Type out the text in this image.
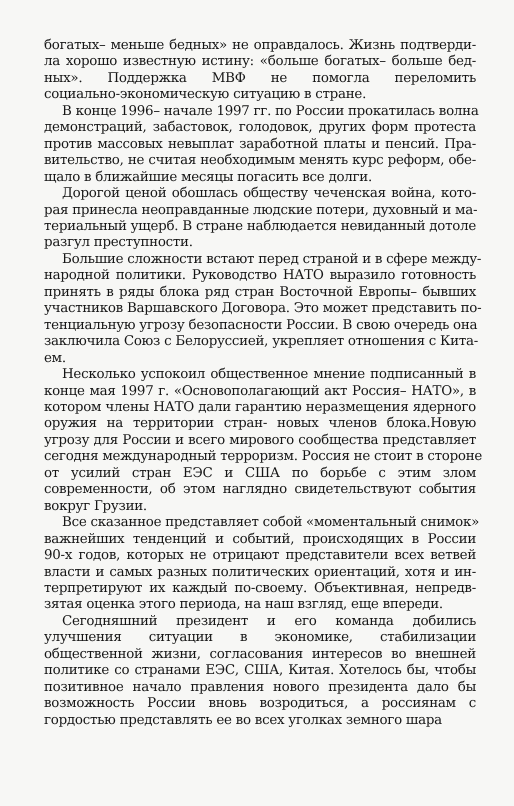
богатых– меньше бедных» не оправдалось. Жизнь подтверди-
ла хорошо известную истину: «больше богатых– больше бед-
ных». Поддержка МВФ не помогла переломить
социально-экономическую ситуацию в стране.
В конце 1996– начале 1997 гг. по России прокатилась волна
демонстраций, забастовок, голодовок, других форм протеста
против массовых невыплат заработной платы и пенсий. Пра-
вительство, не считая необходимым менять курс реформ, обе-
щало в ближайшие месяцы погасить все долги.
Дорогой ценой обошлась обществу чеченская война, кото-
рая принесла неоправданные людские потери, духовный и ма-
териальный ущерб. В стране наблюдается невиданный дотоле
разгул преступности.
Большие сложности встают перед страной и в сфере между-
народной политики. Руководство НАТО выразило готовность
принять в ряды блока ряд стран Восточной Европы– бывших
участников Варшавского Договора. Это может представить по-
тенциальную угрозу безопасности России. В свою очередь она
заключила Союз с Белоруссией, укрепляет отношения с Кита-
ем.
Несколько успокоил общественное мнение подписанный в
конце мая 1997 г. «Основополагающий акт Россия– НАТО», в
котором члены НАТО дали гарантию неразмещения ядерного
оружия на территории стран- новых членов блока.Новую
угрозу для России и всего мирового сообщества представляет
сегодня международный терроризм. Россия не стоит в стороне
от усилий стран ЕЭС и США по борьбе с этим злом
современности, об этом наглядно свидетельствуют события
вокруг Грузии.
Все сказанное представляет собой «моментальный снимок»
важнейших тенденций и событий, происходящих в России
90-х годов, которых не отрицают представители всех ветвей
власти и самых разных политических ориентаций, хотя и ин-
терпретируют их каждый по-своему. Объективная, непредв-
зятая оценка этого периода, на наш взгляд, еще впереди.
Сегодняшний президент и его команда добились
улучшения ситуации в экономике, стабилизации
общественной жизни, согласования интересов во внешней
политике со странами ЕЭС, США, Китая. Хотелось бы, чтобы
позитивное начало правления нового президента дало бы
возможность России вновь возродиться, а россиянам с
гордостью представлять ее во всех уголках земного шара
